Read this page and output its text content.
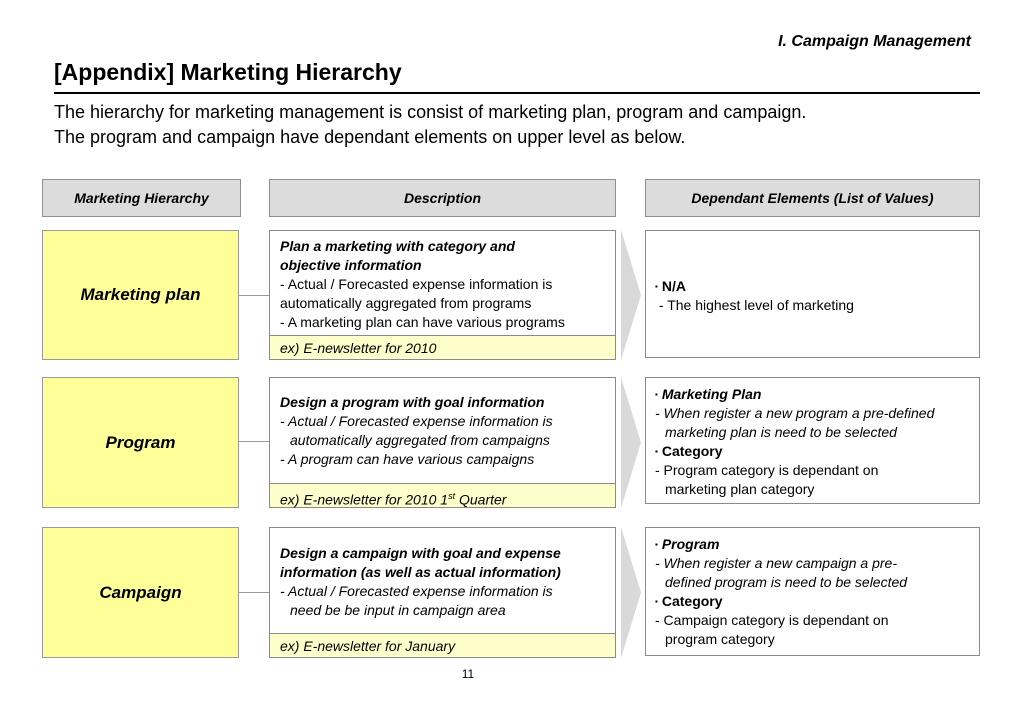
I. Campaign Management
[Appendix] Marketing Hierarchy
The hierarchy for marketing management is consist of marketing plan, program and campaign.
The program and campaign have dependant elements on upper level as below.
Marketing Hierarchy	Description	Dependant Elements (List of Values)
Marketing plan
Plan a marketing with category and
objective information
- Actual / Forecasted expense information is
automatically aggregated from programs
- A marketing plan can have various programs
ex) E-newsletter for 2010
▪ N/A
- The highest level of marketing
Program
Design a program with goal information
- Actual / Forecasted expense information is
automatically aggregated from campaigns
- A program can have various campaigns
ex) E-newsletter for 2010 1st Quarter
▪ Marketing Plan
- When register a new program a pre-defined
marketing plan is need to be selected
▪ Category
- Program category is dependant on
marketing plan category
Campaign
Design a campaign with goal and expense
information (as well as actual information)
- Actual / Forecasted expense information is
need be be input in campaign area
ex) E-newsletter for January
▪ Program
- When register a new campaign a pre-
defined program is need to be selected
▪ Category
- Campaign category is dependant on
program category
11
